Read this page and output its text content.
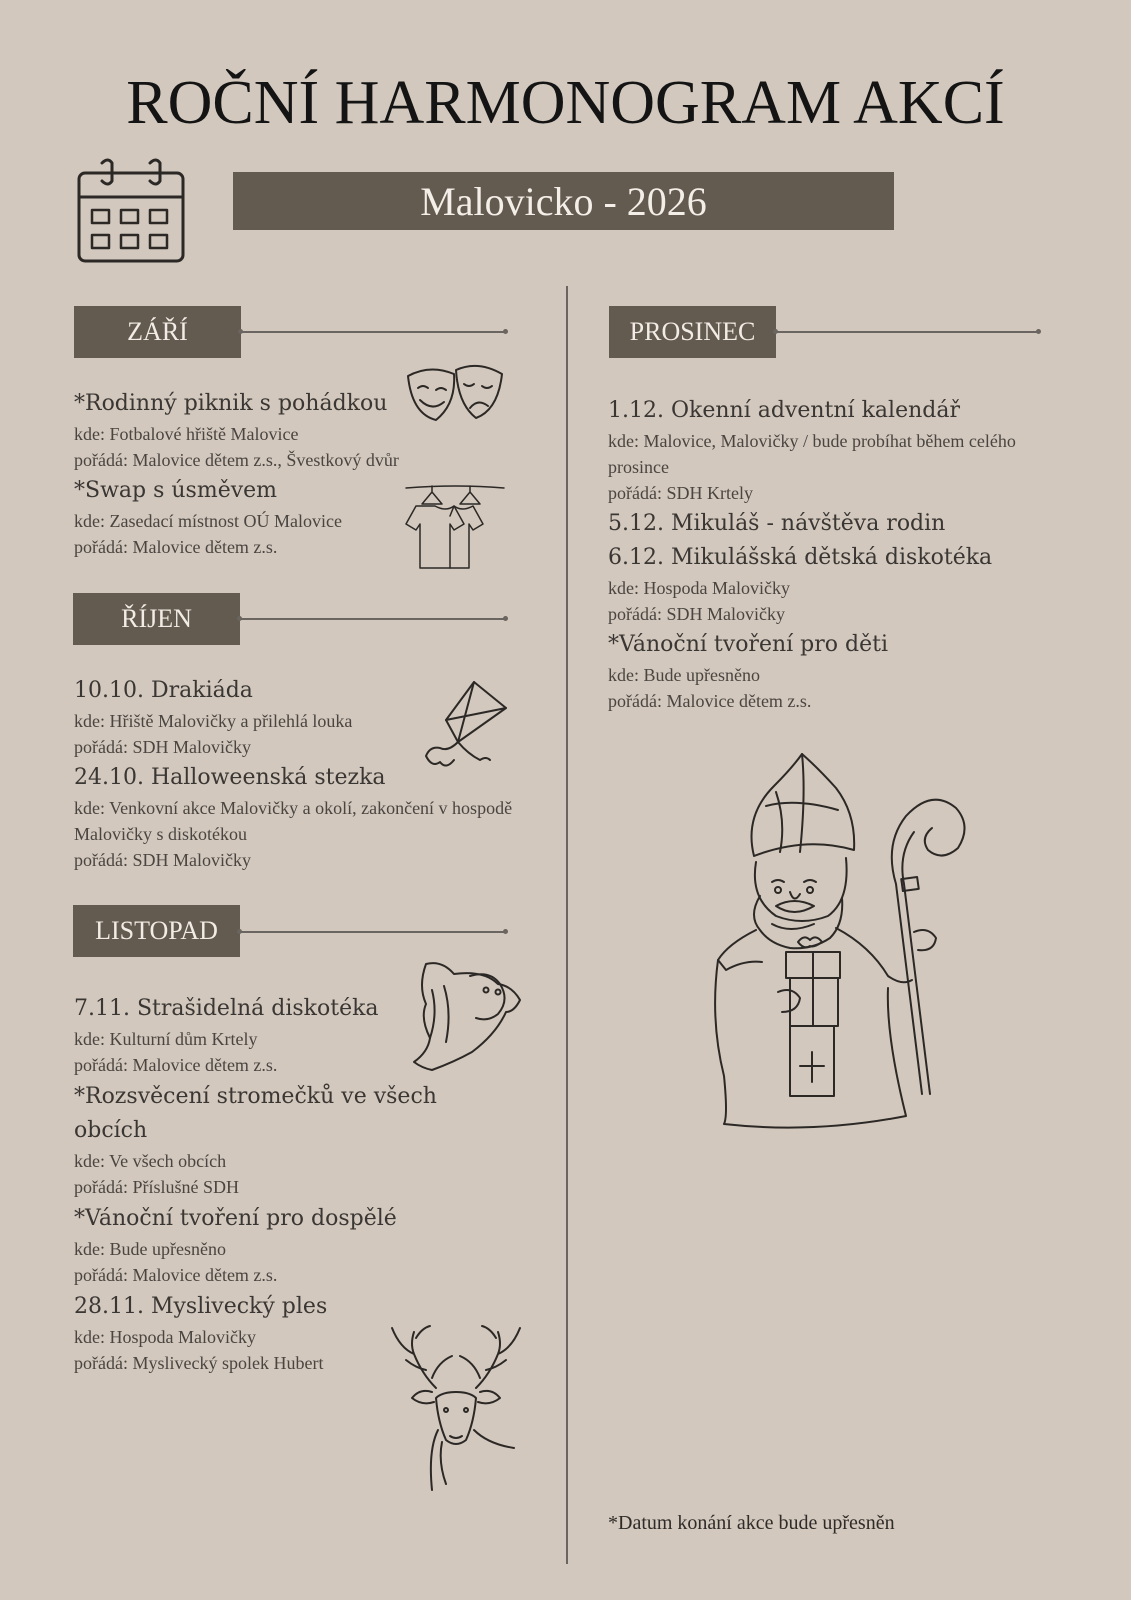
ROČNÍ HARMONOGRAM AKCÍ
Malovicko - 2026
ZÁŘÍ
*Rodinný piknik s pohádkou
kde: Fotbalové hřiště Malovice
pořádá: Malovice dětem z.s., Švestkový dvůr
*Swap s úsměvem
kde: Zasedací místnost OÚ Malovice
pořádá: Malovice dětem z.s.
ŘÍJEN
10.10. Drakiáda
kde: Hřiště Malovičky a přilehlá louka
pořádá: SDH Malovičky
24.10. Halloweenská stezka
kde: Venkovní akce Malovičky a okolí, zakončení v hospodě Malovičky s diskotékou
pořádá: SDH Malovičky
LISTOPAD
7.11. Strašidelná diskotéka
kde: Kulturní dům Krtely
pořádá: Malovice dětem z.s.
*Rozsvěcení stromečků ve všech obcích
kde: Ve všech obcích
pořádá: Příslušné SDH
*Vánoční tvoření pro dospělé
kde: Bude upřesněno
pořádá: Malovice dětem z.s.
28.11. Myslivecký ples
kde: Hospoda Malovičky
pořádá: Myslivecký spolek Hubert
PROSINEC
1.12. Okenní adventní kalendář
kde: Malovice, Malovičky / bude probíhat během celého prosince
pořádá: SDH Krtely
5.12. Mikuláš - návštěva rodin
6.12. Mikulášská dětská diskotéka
kde: Hospoda Malovičky
pořádá: SDH Malovičky
*Vánoční tvoření pro děti
kde: Bude upřesněno
pořádá: Malovice dětem z.s.
*Datum konání akce bude upřesněn
